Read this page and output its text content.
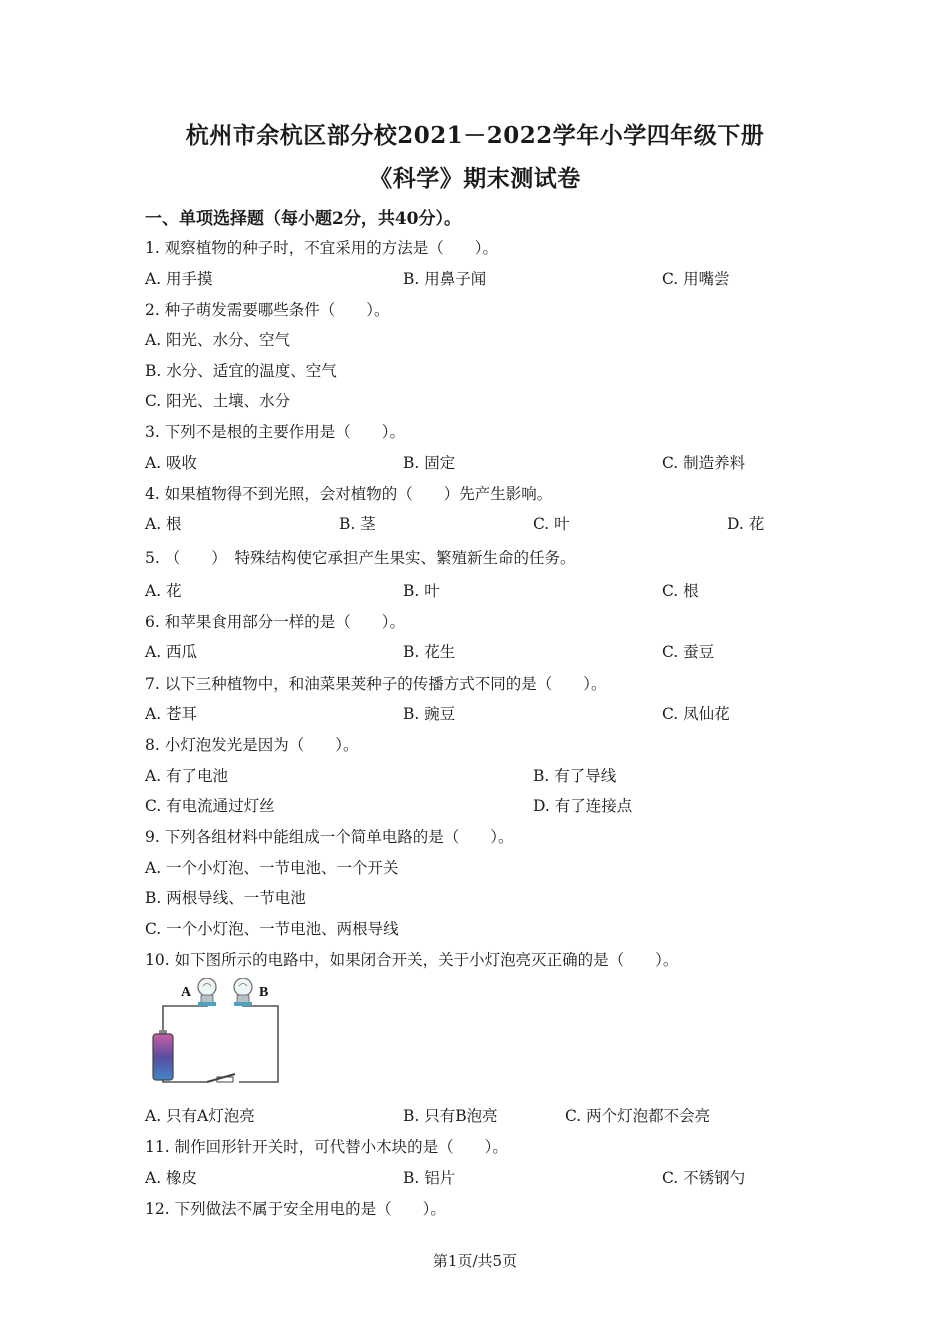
杭州市余杭区部分校2021－2022学年小学四年级下册
《科学》期末测试卷
一、单项选择题（每小题2分，共40分）。
1. 观察植物的种子时，不宜采用的方法是（　　）。
A. 用手摸	B. 用鼻子闻	C. 用嘴尝
2. 种子萌发需要哪些条件（　　）。
A. 阳光、水分、空气
B. 水分、适宜的温度、空气
C. 阳光、土壤、水分
3. 下列不是根的主要作用是（　　）。
A. 吸收	B. 固定	C. 制造养料
4. 如果植物得不到光照，会对植物的（　　）先产生影响。
A. 根	B. 茎	C. 叶	D. 花
5. （　　）　特殊结构使它承担产生果实、繁殖新生命的任务。
A. 花	B. 叶	C. 根
6. 和苹果食用部分一样的是（　　）。
A. 西瓜	B. 花生	C. 蚕豆
7. 以下三种植物中，和油菜果荚种子的传播方式不同的是（　　）。
A. 苍耳	B. 豌豆	C. 凤仙花
8. 小灯泡发光是因为（　　）。
A. 有了电池	B. 有了导线
C. 有电流通过灯丝	D. 有了连接点
9. 下列各组材料中能组成一个简单电路的是（　　）。
A. 一个小灯泡、一节电池、一个开关
B. 两根导线、一节电池
C. 一个小灯泡、一节电池、两根导线
10. 如下图所示的电路中，如果闭合开关，关于小灯泡亮灭正确的是（　　）。
A	B
A. 只有A灯泡亮	B. 只有B泡亮	C. 两个灯泡都不会亮
11. 制作回形针开关时，可代替小木块的是（　　）。
A. 橡皮	B. 铝片	C. 不锈钢勺
12. 下列做法不属于安全用电的是（　　）。
第1页/共5页
